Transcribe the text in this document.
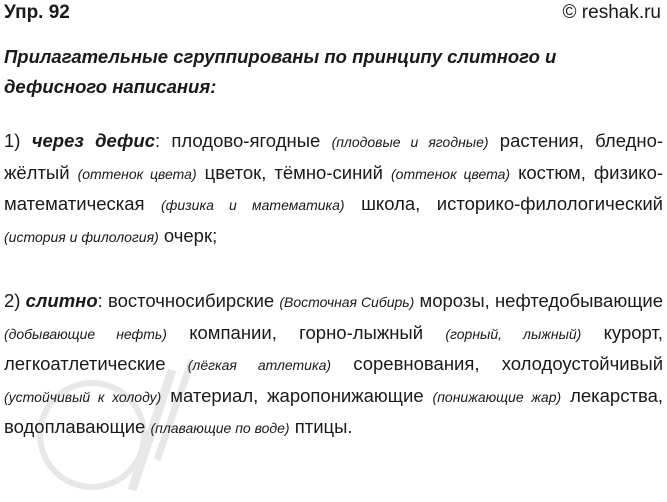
Упр. 92	© reshak.ru
Прилагательные сгруппированы по принципу слитного и дефисного написания:
1) через дефис: плодово-ягодные (плодовые и ягодные) растения, бледно-жёлтый (оттенок цвета) цветок, тёмно-синий (оттенок цвета) костюм, физико-математическая (физика и математика) школа, историко-филологический (история и филология) очерк;
2) слитно: восточносибирские (Восточная Сибирь) морозы, нефтедобывающие (добывающие нефть) компании, горно-лыжный (горный, лыжный) курорт, легкоатлетические (лёгкая атлетика) соревнования, холодоустойчивый (устойчивый к холоду) материал, жаропонижающие (понижающие жар) лекарства, водоплавающие (плавающие по воде) птицы.
